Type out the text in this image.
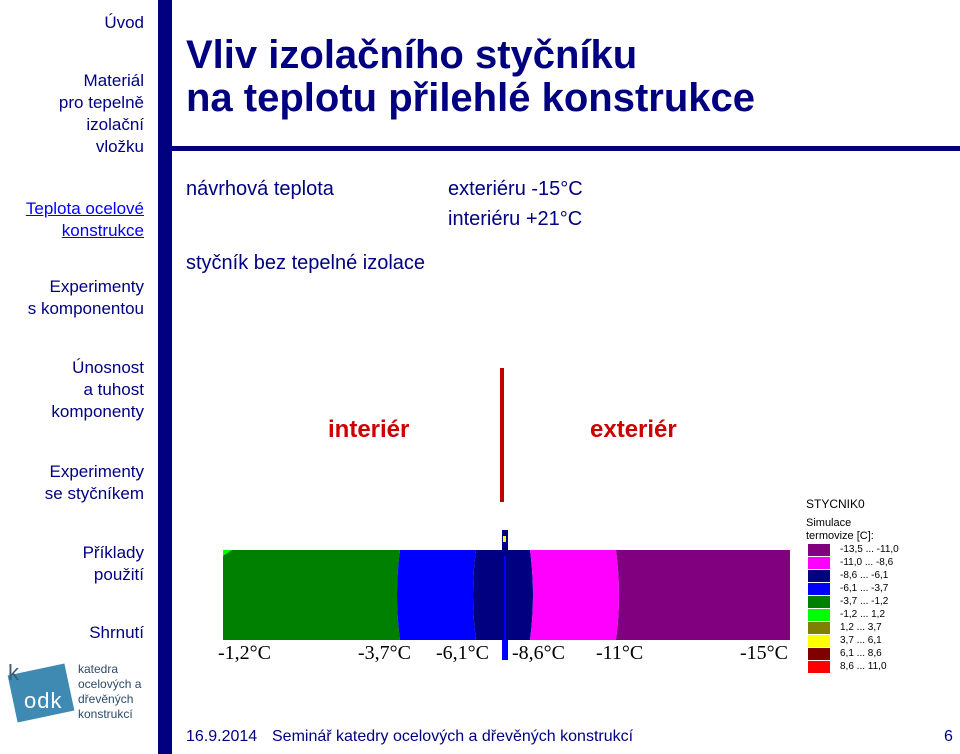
Úvod
Materiál
pro tepelně
izolační
vložku
Teplota ocelové
konstrukce
Experimenty
s komponentou
Únosnost
a tuhost
komponenty
Experimenty
se styčníkem
Příklady
použití
Shrnutí
k
odk
katedra
ocelových a
dřevěných
konstrukcí
Vliv izolačního styčníku
na teplotu přilehlé konstrukce
návrhová teplota	exteriéru -15°C
interiéru +21°C
styčník bez tepelné izolace
interiér	exteriér
STYCNIK0
Simulace termovize [C]:
-13,5 ... -11,0
-11,0 ... -8,6
-8,6 ... -6,1
-6,1 ... -3,7
-3,7 ... -1,2
-1,2 ... 1,2
1,2 ... 3,7
3,7 ... 6,1
6,1 ... 8,6
8,6 ... 11,0
-1,2°C	-3,7°C -6,1°C -8,6°C -11°C	-15°C
16.9.2014 Seminář katedry ocelových a dřevěných konstrukcí	6
